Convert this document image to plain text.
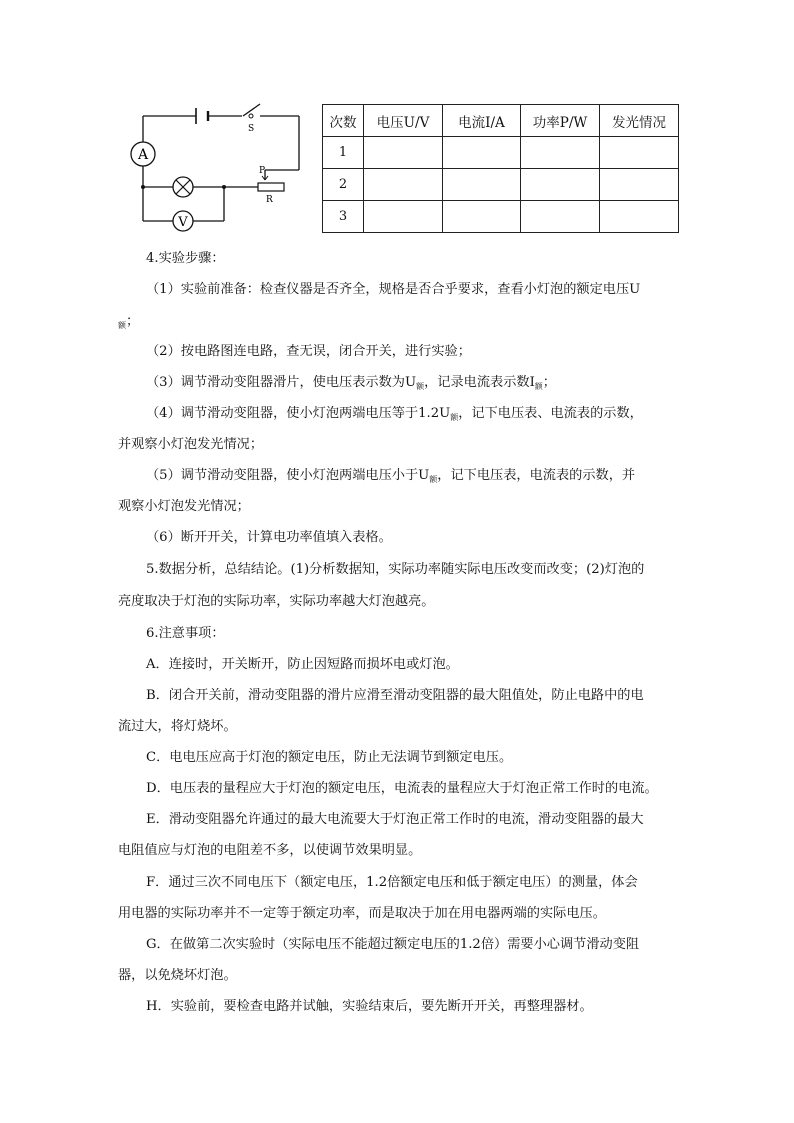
A
V
S
P
R
次数	电压U/V	电流I/A	功率P/W	发光情况
1				
2				
3				
4.实验步骤：
（1）实验前准备：检查仪器是否齐全，规格是否合乎要求，查看小灯泡的额定电压U
$_额$；
（2）按电路图连电路，查无误，闭合开关，进行实验；
（3）调节滑动变阻器滑片，使电压表示数为$U_额$，记录电流表示数$I_额$；
（4）调节滑动变阻器，使小灯泡两端电压等于$1.2U_额$，记下电压表、电流表的示数，
并观察小灯泡发光情况；
（5）调节滑动变阻器，使小灯泡两端电压小于$U_额$，记下电压表，电流表的示数，并
观察小灯泡发光情况；
（6）断开开关，计算电功率值填入表格。
5.数据分析，总结结论。(1)分析数据知，实际功率随实际电压改变而改变；(2)灯泡的
亮度取决于灯泡的实际功率，实际功率越大灯泡越亮。
6.注意事项：
A．连接时，开关断开，防止因短路而损坏电或灯泡。
B．闭合开关前，滑动变阻器的滑片应滑至滑动变阻器的最大阻值处，防止电路中的电
流过大，将灯烧坏。
C．电电压应高于灯泡的额定电压，防止无法调节到额定电压。
D．电压表的量程应大于灯泡的额定电压，电流表的量程应大于灯泡正常工作时的电流。
E．滑动变阻器允许通过的最大电流要大于灯泡正常工作时的电流，滑动变阻器的最大
电阻值应与灯泡的电阻差不多，以使调节效果明显。
F．通过三次不同电压下（额定电压，1.2倍额定电压和低于额定电压）的测量，体会
用电器的实际功率并不一定等于额定功率，而是取决于加在用电器两端的实际电压。
G．在做第二次实验时（实际电压不能超过额定电压的1.2倍）需要小心调节滑动变阻
器，以免烧坏灯泡。
H．实验前，要检查电路并试触，实验结束后，要先断开开关，再整理器材。
